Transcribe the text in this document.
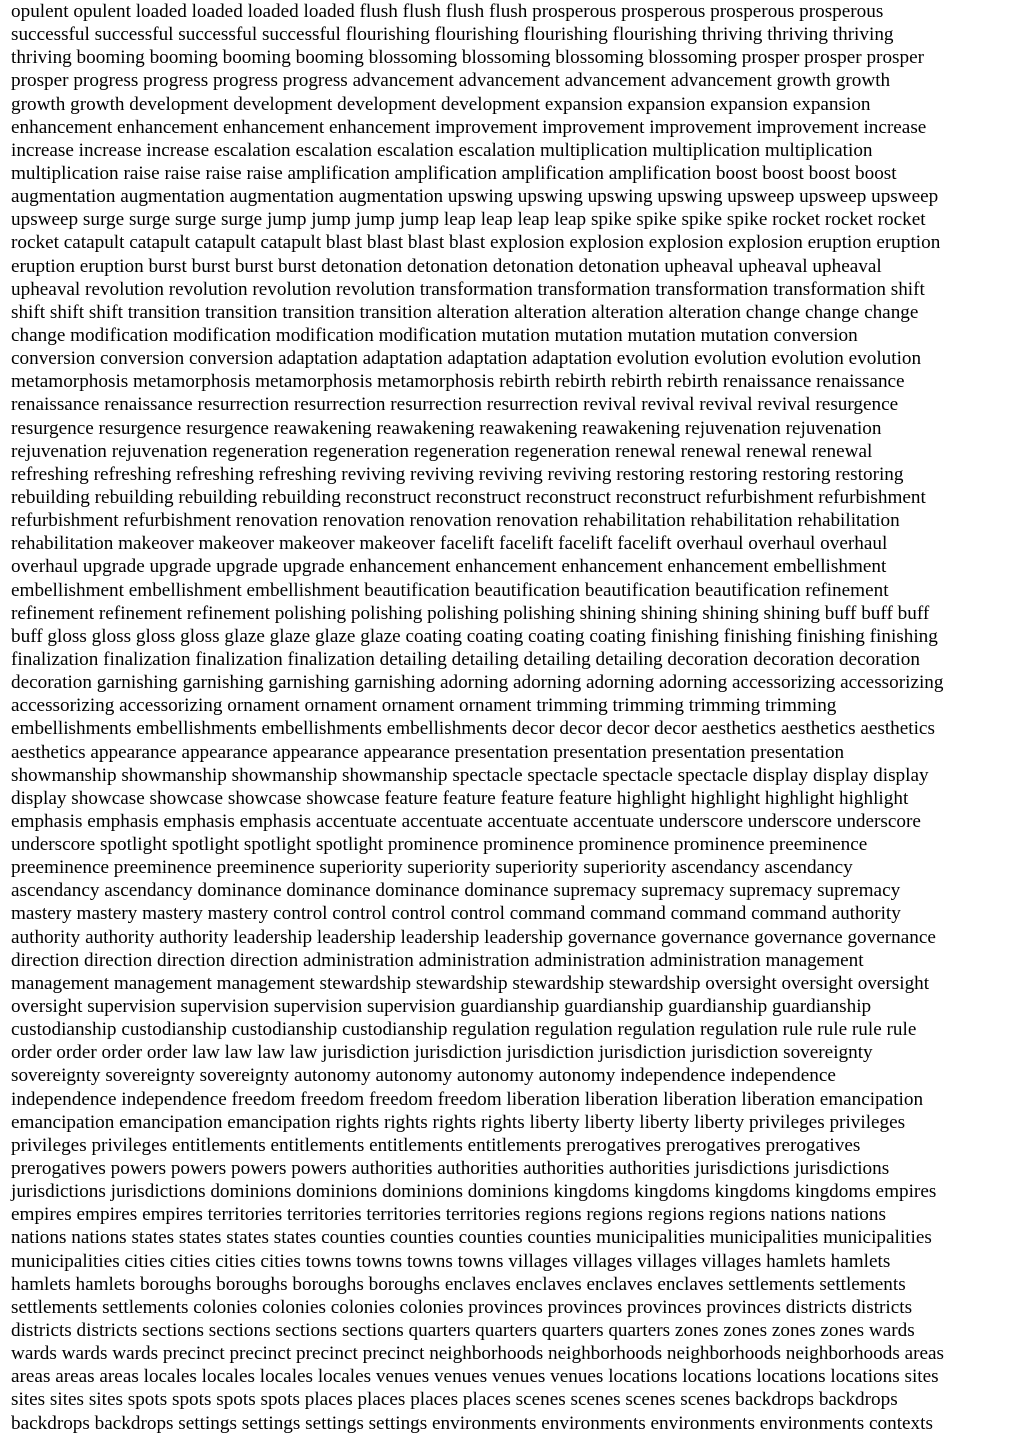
opulent opulent loaded loaded loaded loaded flush flush flush flush prosperous prosperous prosperous prosperous
successful successful successful successful flourishing flourishing flourishing flourishing thriving thriving thriving
thriving booming booming booming booming blossoming blossoming blossoming blossoming prosper prosper prosper
prosper progress progress progress progress advancement advancement advancement advancement growth growth
growth growth development development development development expansion expansion expansion expansion
enhancement enhancement enhancement enhancement improvement improvement improvement improvement increase
increase increase increase escalation escalation escalation escalation multiplication multiplication multiplication
multiplication raise raise raise raise amplification amplification amplification amplification boost boost boost boost
augmentation augmentation augmentation augmentation upswing upswing upswing upswing upsweep upsweep upsweep
upsweep surge surge surge surge jump jump jump jump leap leap leap leap spike spike spike spike rocket rocket rocket
rocket catapult catapult catapult catapult blast blast blast blast explosion explosion explosion explosion eruption eruption
eruption eruption burst burst burst burst detonation detonation detonation detonation upheaval upheaval upheaval
upheaval revolution revolution revolution revolution transformation transformation transformation transformation shift
shift shift shift transition transition transition transition alteration alteration alteration alteration change change change
change modification modification modification modification mutation mutation mutation mutation conversion
conversion conversion conversion adaptation adaptation adaptation adaptation evolution evolution evolution evolution
metamorphosis metamorphosis metamorphosis metamorphosis rebirth rebirth rebirth rebirth renaissance renaissance
renaissance renaissance resurrection resurrection resurrection resurrection revival revival revival revival resurgence
resurgence resurgence resurgence reawakening reawakening reawakening reawakening rejuvenation rejuvenation
rejuvenation rejuvenation regeneration regeneration regeneration regeneration renewal renewal renewal renewal
refreshing refreshing refreshing refreshing reviving reviving reviving reviving restoring restoring restoring restoring
rebuilding rebuilding rebuilding rebuilding reconstruct reconstruct reconstruct reconstruct refurbishment refurbishment
refurbishment refurbishment renovation renovation renovation renovation rehabilitation rehabilitation rehabilitation
rehabilitation makeover makeover makeover makeover facelift facelift facelift facelift overhaul overhaul overhaul
overhaul upgrade upgrade upgrade upgrade enhancement enhancement enhancement enhancement embellishment
embellishment embellishment embellishment beautification beautification beautification beautification refinement
refinement refinement refinement polishing polishing polishing polishing shining shining shining shining buff buff buff
buff gloss gloss gloss gloss glaze glaze glaze glaze coating coating coating coating finishing finishing finishing finishing
finalization finalization finalization finalization detailing detailing detailing detailing decoration decoration decoration
decoration garnishing garnishing garnishing garnishing adorning adorning adorning adorning accessorizing accessorizing
accessorizing accessorizing ornament ornament ornament ornament trimming trimming trimming trimming
embellishments embellishments embellishments embellishments decor decor decor decor aesthetics aesthetics aesthetics
aesthetics appearance appearance appearance appearance presentation presentation presentation presentation
showmanship showmanship showmanship showmanship spectacle spectacle spectacle spectacle display display display
display showcase showcase showcase showcase feature feature feature feature highlight highlight highlight highlight
emphasis emphasis emphasis emphasis accentuate accentuate accentuate accentuate underscore underscore underscore
underscore spotlight spotlight spotlight spotlight prominence prominence prominence prominence preeminence
preeminence preeminence preeminence superiority superiority superiority superiority ascendancy ascendancy
ascendancy ascendancy dominance dominance dominance dominance supremacy supremacy supremacy supremacy
mastery mastery mastery mastery control control control control command command command command authority
authority authority authority leadership leadership leadership leadership governance governance governance governance
direction direction direction direction administration administration administration administration management
management management management stewardship stewardship stewardship stewardship oversight oversight oversight
oversight supervision supervision supervision supervision guardianship guardianship guardianship guardianship
custodianship custodianship custodianship custodianship regulation regulation regulation regulation rule rule rule rule
order order order order law law law law jurisdiction jurisdiction jurisdiction jurisdiction jurisdiction sovereignty
sovereignty sovereignty sovereignty autonomy autonomy autonomy autonomy independence independence
independence independence freedom freedom freedom freedom liberation liberation liberation liberation emancipation
emancipation emancipation emancipation rights rights rights rights liberty liberty liberty liberty privileges privileges
privileges privileges entitlements entitlements entitlements entitlements prerogatives prerogatives prerogatives
prerogatives powers powers powers powers authorities authorities authorities authorities jurisdictions jurisdictions
jurisdictions jurisdictions dominions dominions dominions dominions kingdoms kingdoms kingdoms kingdoms empires
empires empires empires territories territories territories territories regions regions regions regions nations nations
nations nations states states states states counties counties counties counties municipalities municipalities municipalities
municipalities cities cities cities cities towns towns towns towns villages villages villages villages hamlets hamlets
hamlets hamlets boroughs boroughs boroughs boroughs enclaves enclaves enclaves enclaves settlements settlements
settlements settlements colonies colonies colonies colonies provinces provinces provinces provinces districts districts
districts districts sections sections sections sections quarters quarters quarters quarters zones zones zones zones wards
wards wards wards precinct precinct precinct precinct neighborhoods neighborhoods neighborhoods neighborhoods areas
areas areas areas locales locales locales locales venues venues venues venues locations locations locations locations sites
sites sites sites spots spots spots spots places places places places scenes scenes scenes scenes backdrops backdrops
backdrops backdrops settings settings settings settings environments environments environments environments contexts
